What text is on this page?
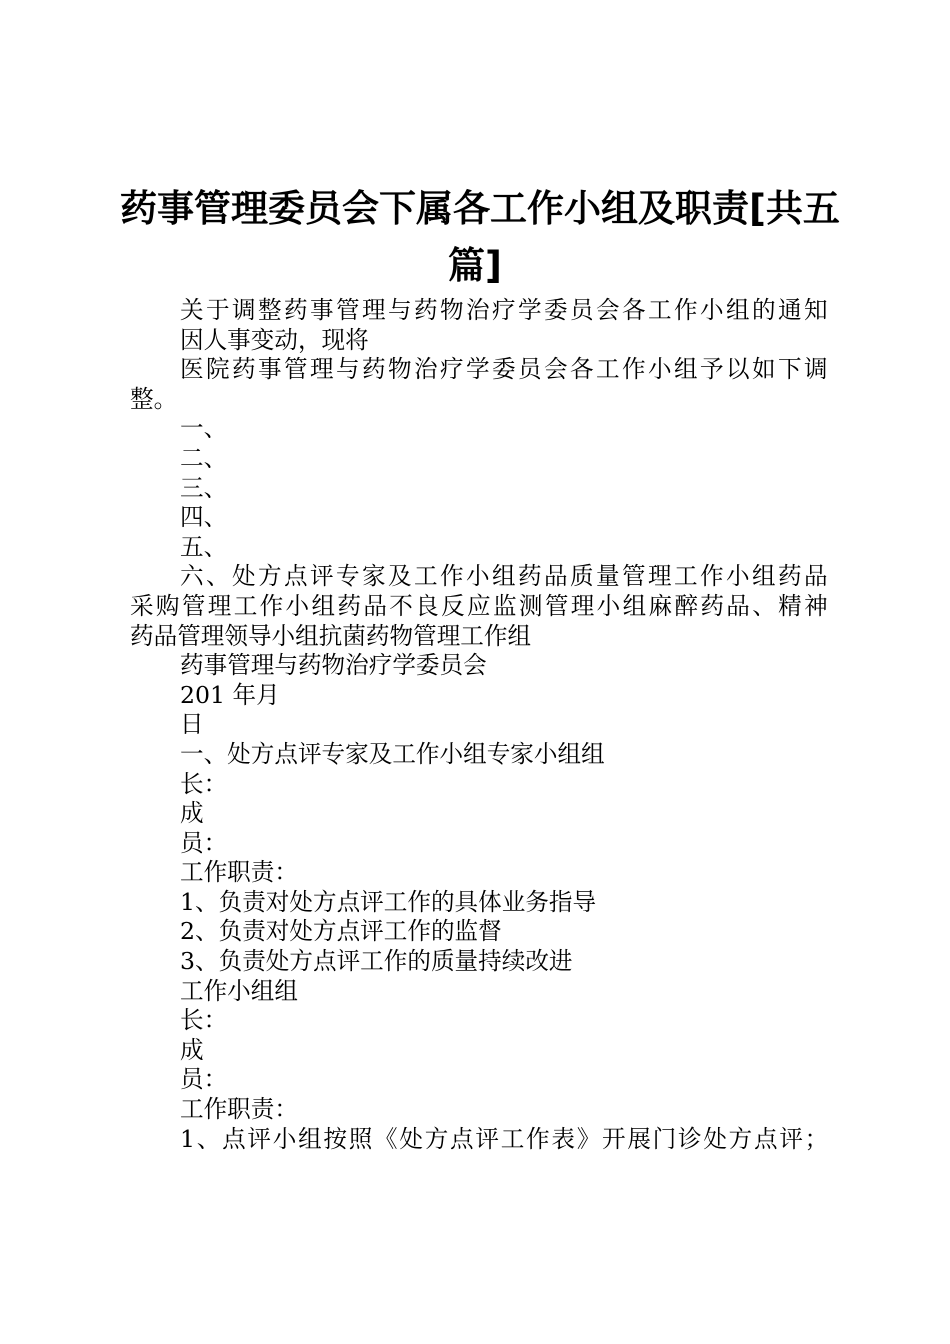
药事管理委员会下属各工作小组及职责[共五
篇]
关于调整药事管理与药物治疗学委员会各工作小组的通知
因人事变动，现将
医院药事管理与药物治疗学委员会各工作小组予以如下调
整。
一、
二、
三、
四、
五、
六、处方点评专家及工作小组药品质量管理工作小组药品
采购管理工作小组药品不良反应监测管理小组麻醉药品、精神
药品管理领导小组抗菌药物管理工作组
药事管理与药物治疗学委员会
201 年月
日
一、处方点评专家及工作小组专家小组组
长：
成
员：
工作职责：
1、负责对处方点评工作的具体业务指导
2、负责对处方点评工作的监督
3、负责处方点评工作的质量持续改进
工作小组组
长：
成
员：
工作职责：
1、点评小组按照《处方点评工作表》开展门诊处方点评；
